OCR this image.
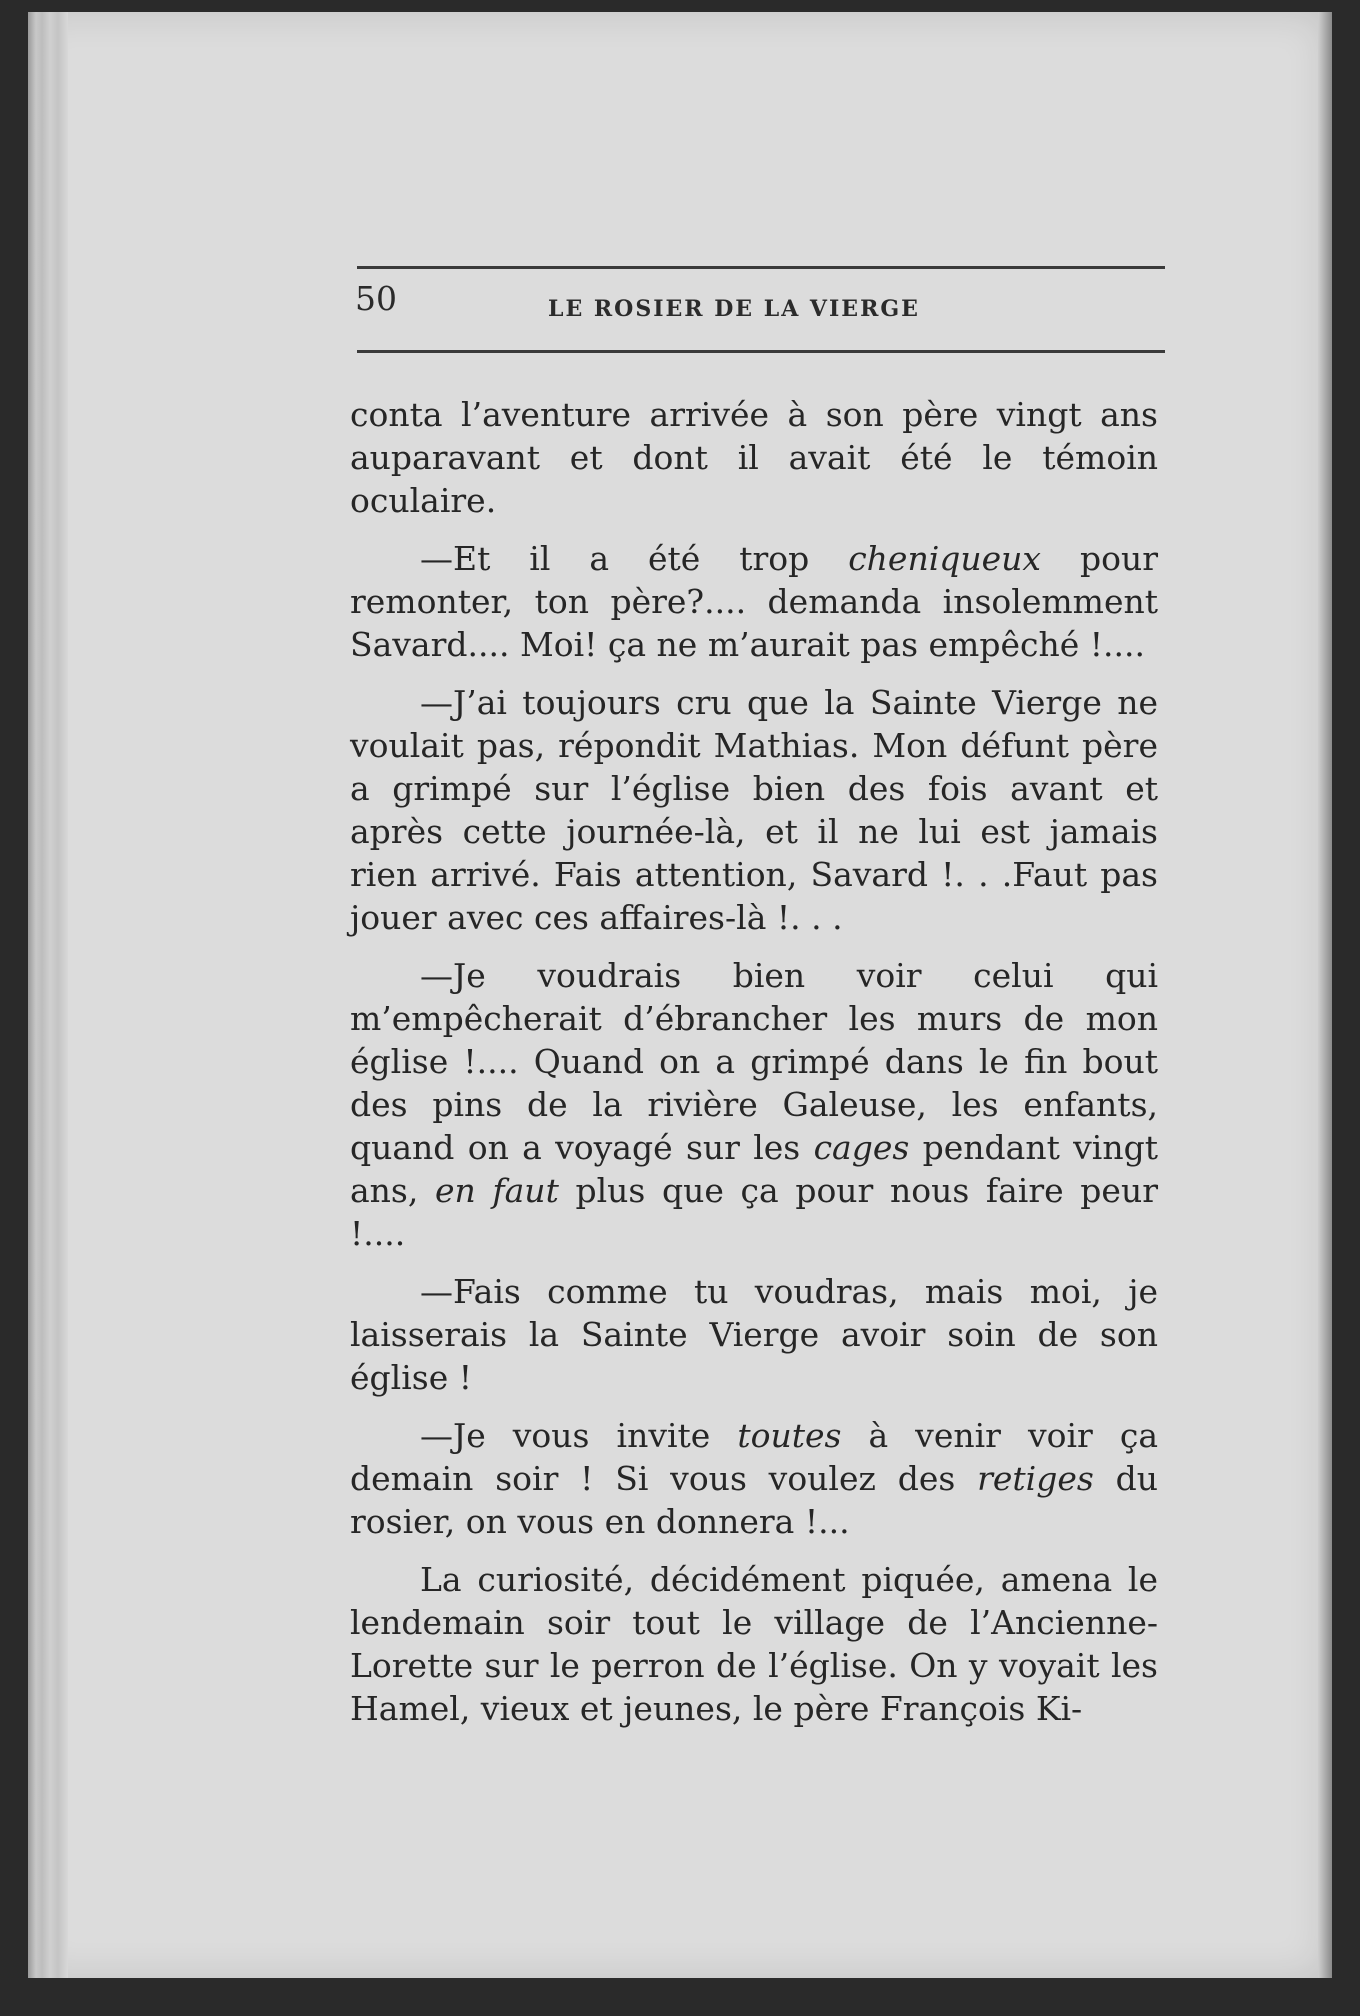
50	LE ROSIER DE LA VIERGE

conta l’aventure arrivée à son père vingt ans auparavant et dont il avait été le témoin oculaire.

—Et il a été trop cheniqueux pour remonter, ton père?.... demanda insolemment Savard.... Moi! ça ne m’aurait pas empêché !....

—J’ai toujours cru que la Sainte Vierge ne voulait pas, répondit Mathias. Mon défunt père a grimpé sur l’église bien des fois avant et après cette journée-là, et il ne lui est jamais rien arrivé. Fais attention, Savard !. . .Faut pas jouer avec ces affaires-là !. . .

—Je voudrais bien voir celui qui m’empêcherait d’ébrancher les murs de mon église !.... Quand on a grimpé dans le fin bout des pins de la rivière Galeuse, les enfants, quand on a voyagé sur les cages pendant vingt ans, en faut plus que ça pour nous faire peur !....

—Fais comme tu voudras, mais moi, je laisserais la Sainte Vierge avoir soin de son église !

—Je vous invite toutes à venir voir ça demain soir ! Si vous voulez des retiges du rosier, on vous en donnera !...

La curiosité, décidément piquée, amena le lendemain soir tout le village de l’Ancienne-Lorette sur le perron de l’église. On y voyait les Hamel, vieux et jeunes, le père François Ki-
